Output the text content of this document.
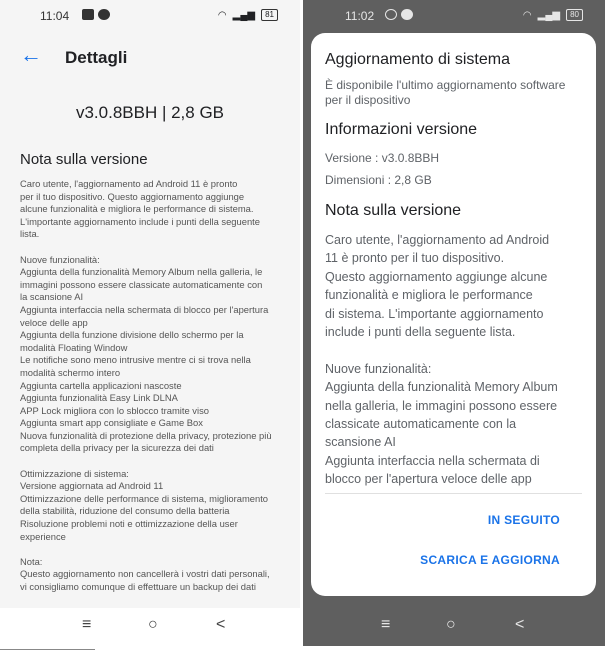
11:04	◠ ▂▄▆	81
← Dettagli
v3.0.8BBH | 2,8 GB
Nota sulla versione

Caro utente, l'aggiornamento ad Android 11 è pronto
per il tuo dispositivo. Questo aggiornamento aggiunge
alcune funzionalità e migliora le performance di sistema.
L'importante aggiornamento include i punti della seguente
lista.

Nuove funzionalità:
Aggiunta della funzionalità Memory Album nella galleria, le
immagini possono essere classicate automaticamente con
la scansione AI
Aggiunta interfaccia nella schermata di blocco per l'apertura
veloce delle app
Aggiunta della funzione divisione dello schermo per la
modalità Floating Window
Le notifiche sono meno intrusive mentre ci si trova nella
modalità schermo intero
Aggiunta cartella applicazioni nascoste
Aggiunta funzionalità Easy Link DLNA
APP Lock migliora con lo sblocco tramite viso
Aggiunta smart app consigliate e Game Box
Nuova funzionalità di protezione della privacy, protezione più
completa della privacy per la sicurezza dei dati

Ottimizzazione di sistema:
Versione aggiornata ad Android 11
Ottimizzazione delle performance di sistema, miglioramento
della stabilità, riduzione del consumo della batteria
Risoluzione problemi noti e ottimizzazione della user
experience

Nota:
Questo aggiornamento non cancellerà i vostri dati personali,
vi consigliamo comunque di effettuare un backup dei dati

≡	○	<
11:02	◠ ▂▄▆	80
Aggiornamento di sistema
È disponibile l'ultimo aggiornamento software per il dispositivo
Informazioni versione
Versione : v3.0.8BBH
Dimensioni : 2,8 GB
Nota sulla versione

Caro utente, l'aggiornamento ad Android
11 è pronto per il tuo dispositivo.
Questo aggiornamento aggiunge alcune
funzionalità e migliora le performance
di sistema. L'importante aggiornamento
include i punti della seguente lista.

Nuove funzionalità:
Aggiunta della funzionalità Memory Album
nella galleria, le immagini possono essere
classicate automaticamente con la
scansione AI
Aggiunta interfaccia nella schermata di
blocco per l'apertura veloce delle app

IN SEGUITO
SCARICA E AGGIORNA
≡	○	<
